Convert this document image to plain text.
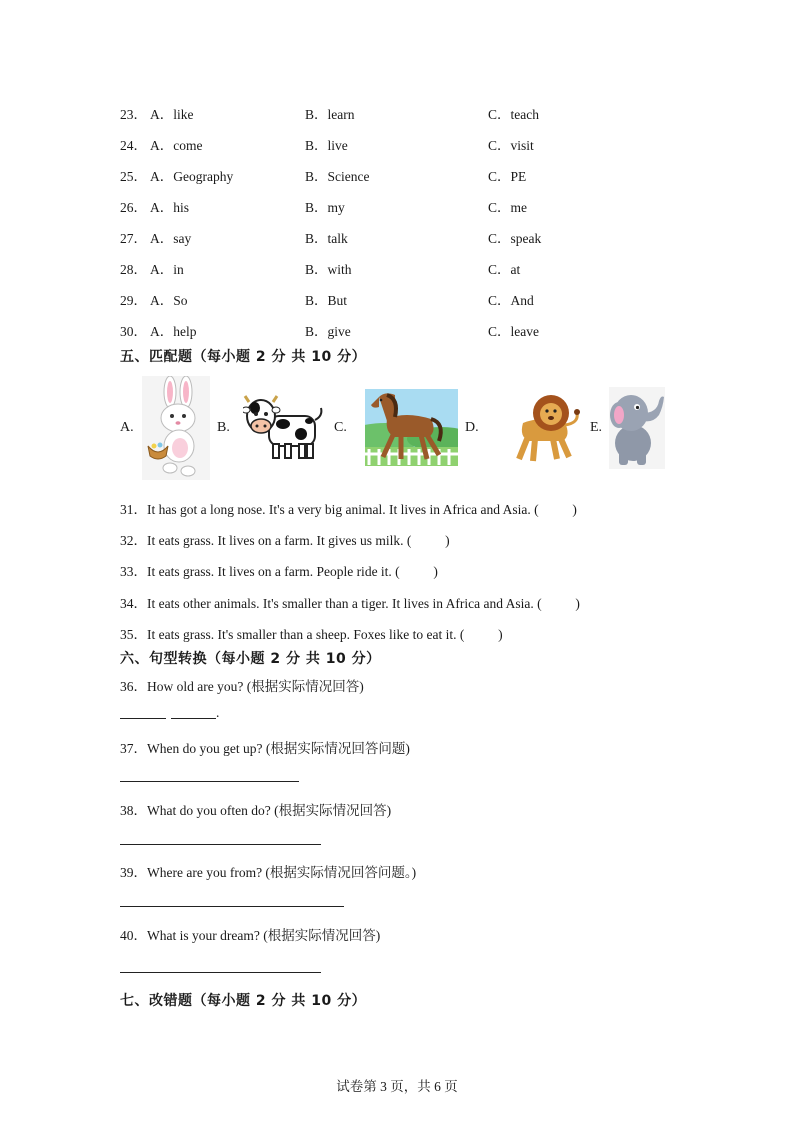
23． A．like	B．learn	C．teach
24． A．come	B．live	C．visit
25． A．Geography	B．Science	C．PE
26． A．his	B．my	C．me
27． A．say	B．talk	C．speak
28． A．in	B．with	C．at
29． A．So	B．But	C．And
30． A．help	B．give	C．leave
五、匹配题（每小题 2 分 共 10 分）
A.	B.	C.	D.	E.
31．It has got a long nose. It's a very big animal. It lives in Africa and Asia. (          )
32．It eats grass. It lives on a farm. It gives us milk. (          )
33．It eats grass. It lives on a farm. People ride it. (          )
34．It eats other animals. It's smaller than a tiger. It lives in Africa and Asia. (          )
35．It eats grass. It's smaller than a sheep. Foxes like to eat it. (          )
六、句型转换（每小题 2 分 共 10 分）
36．How old are you? (根据实际情况回答)
.
37．When do you get up? (根据实际情况回答问题)
38．What do you often do? (根据实际情况回答)
39．Where are you from? (根据实际情况回答问题。)
40．What is your dream? (根据实际情况回答)
七、改错题（每小题 2 分 共 10 分）
试卷第 3 页，共 6 页
